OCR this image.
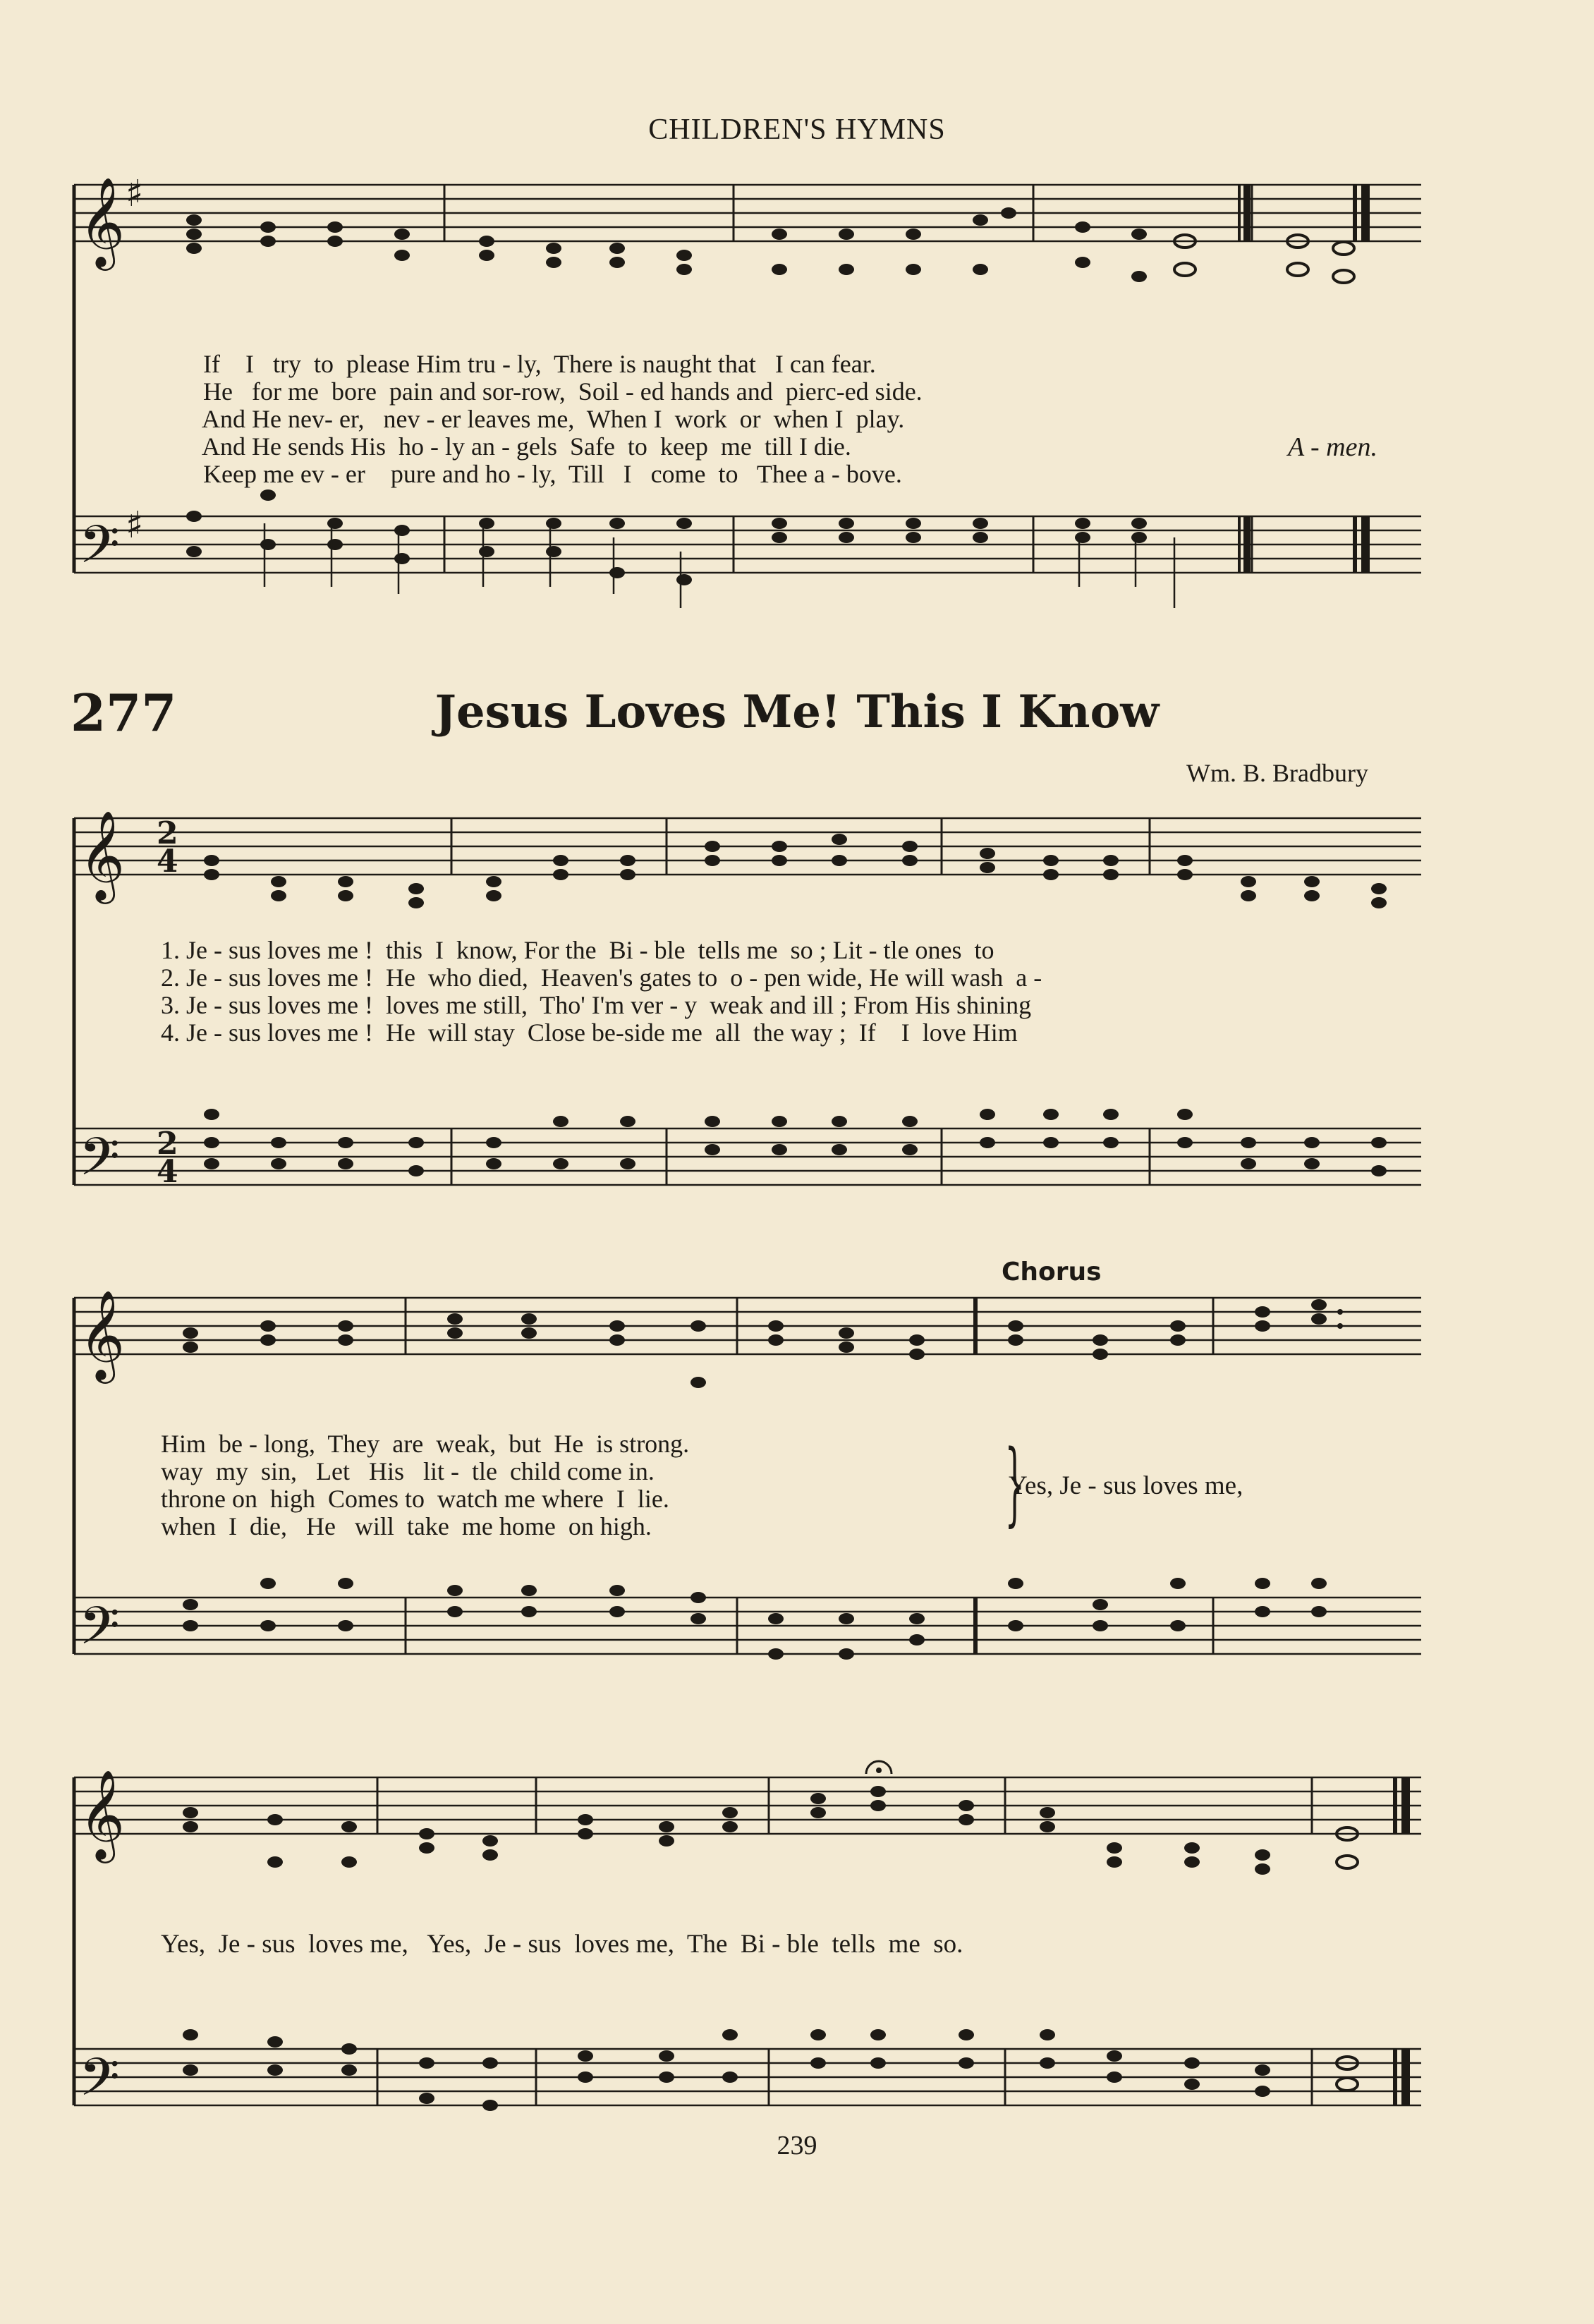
CHILDREN'S HYMNS
𝄞
𝄢
♯
♯
𝄞
𝄢
𝄞
𝄢
𝄞
𝄢
2
4
2
4

If I try to please Him tru - ly, There is naught that I can fear.

He for me bore pain and sor-row, Soil - ed hands and pierc-ed side.

And He nev- er, nev - er leaves me, When I work or when I play.

And He sends His ho - ly an - gels Safe to keep me till I die.

Keep me ev - er pure and ho - ly, Till I come to Thee a - bove.

A - men.
277	Jesus Loves Me! This I Know
Wm. B. Bradbury
1. Je - sus loves me !  this  I  know, For the  Bi - ble  tells me  so ; Lit - tle ones  to
2. Je - sus loves me !  He  who died,  Heaven's gates to  o - pen wide, He will wash  a -
3. Je - sus loves me !  loves me still,  Tho' I'm ver - y  weak and ill ; From His shining
4. Je - sus loves me !  He  will stay  Close be-side me  all  the way ;  If    I  love Him
Chorus
Him  be - long,  They  are  weak,  but  He  is strong.
way  my  sin,   Let   His   lit -  tle  child come in.
throne on  high  Comes to  watch me where  I  lie.
when  I  die,   He   will  take  me home  on high.	}
Yes, Je - sus loves me,
Yes,  Je - sus  loves me,   Yes,  Je - sus  loves me,  The  Bi - ble  tells  me  so.
239
